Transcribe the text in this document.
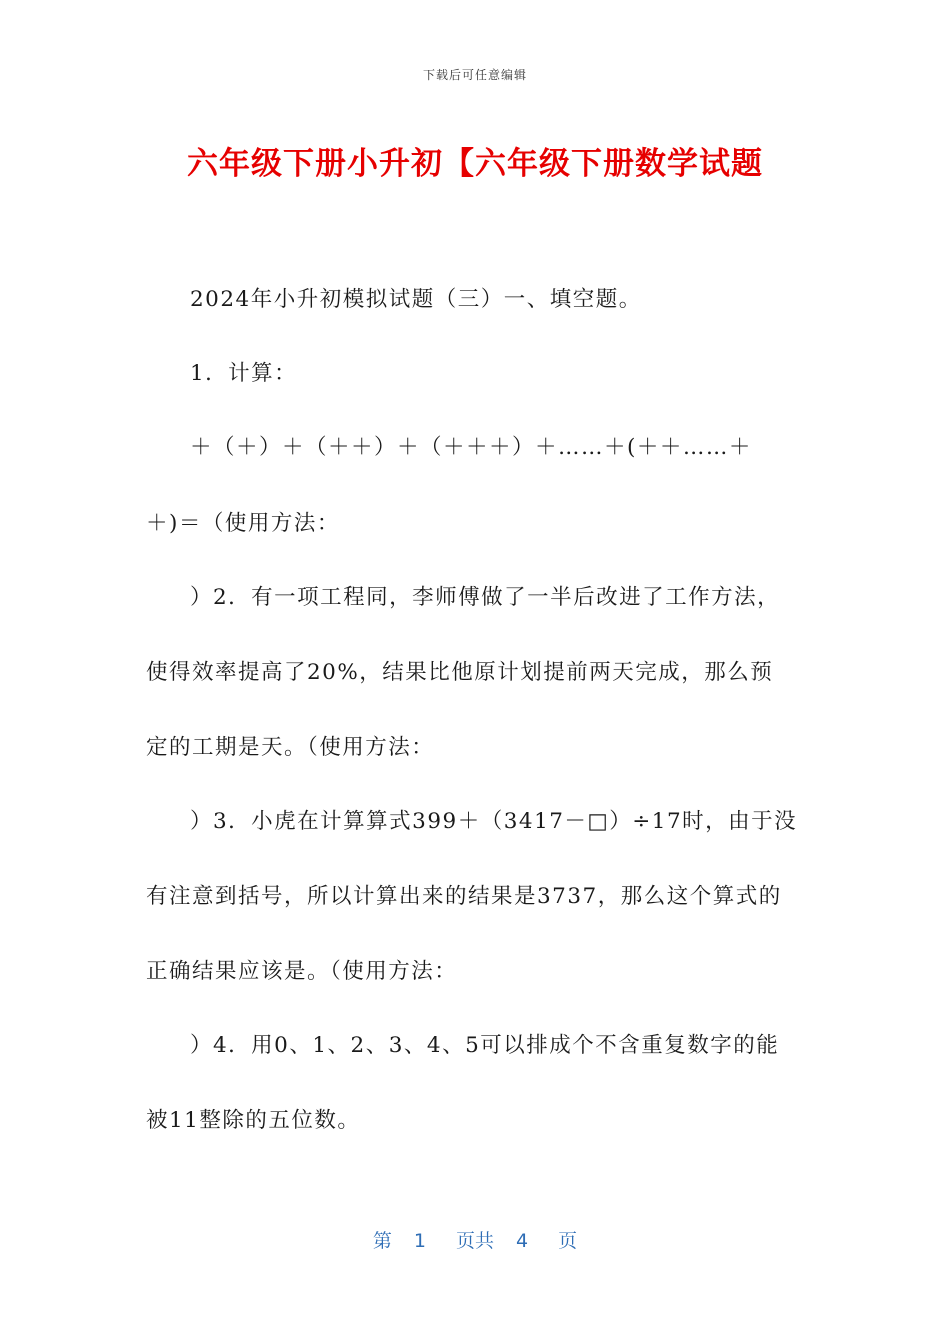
下载后可任意编辑
六年级下册小升初【六年级下册数学试题
2024年小升初模拟试题（三）一、填空题。
1．计算：
＋（＋）＋（＋＋）＋（＋＋＋）＋……＋(＋＋……＋
＋)＝（使用方法：
）2．有一项工程同，李师傅做了一半后改进了工作方法，
使得效率提高了20%，结果比他原计划提前两天完成，那么预
定的工期是天。（使用方法：
）3．小虎在计算算式399＋（3417－□）÷17时，由于没
有注意到括号，所以计算出来的结果是3737，那么这个算式的
正确结果应该是。（使用方法：
）4．用0、1、2、3、4、5可以排成个不含重复数字的能
被11整除的五位数。
第 1 页共 4 页
